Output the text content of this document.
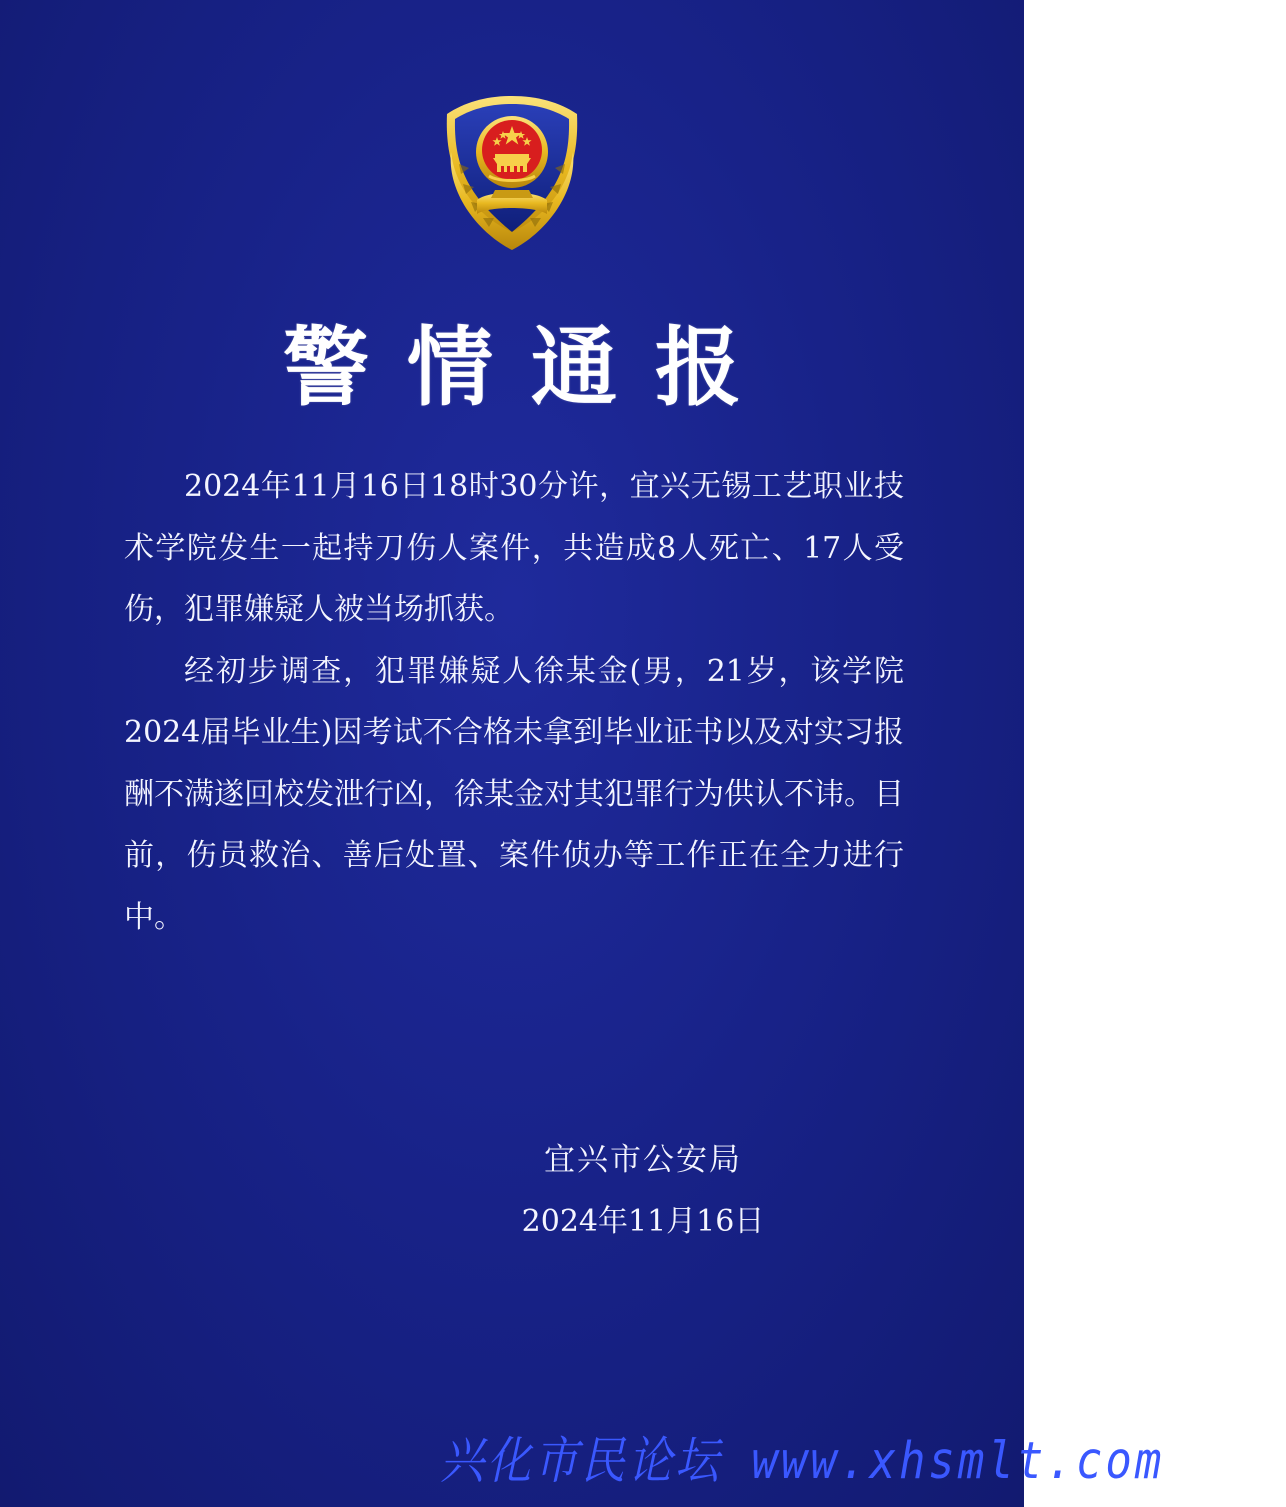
警情通报

2024年11月16日18时30分许，宜兴无锡工艺职业技术学院发生一起持刀伤人案件，共造成8人死亡、17人受伤，犯罪嫌疑人被当场抓获。

经初步调查，犯罪嫌疑人徐某金(男，21岁，该学院2024届毕业生)因考试不合格未拿到毕业证书以及对实习报酬不满遂回校发泄行凶，徐某金对其犯罪行为供认不讳。目前，伤员救治、善后处置、案件侦办等工作正在全力进行中。

宜兴市公安局
2024年11月16日
兴化市民论坛 www.xhsmlt.com
